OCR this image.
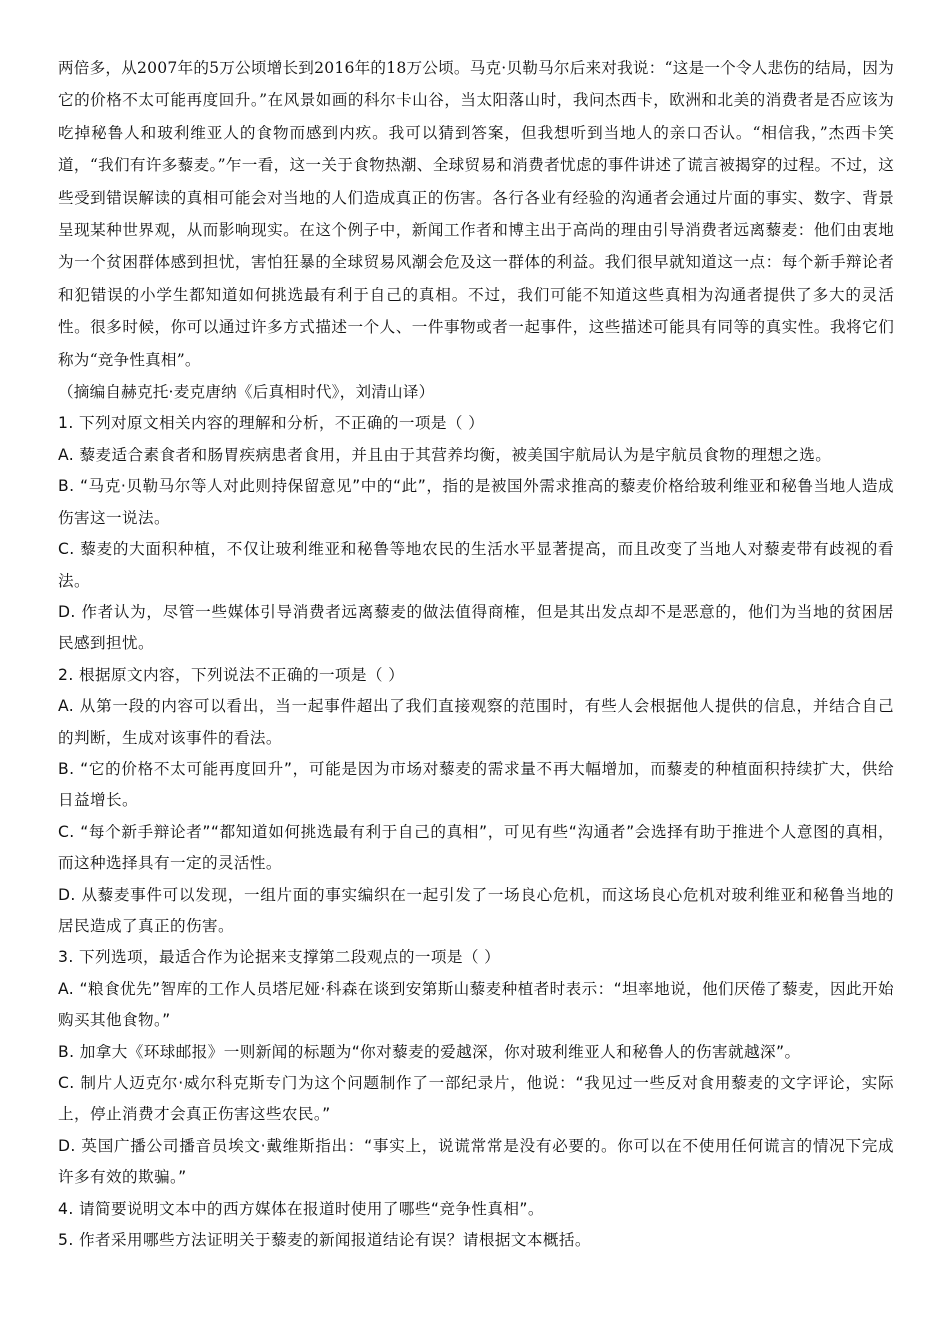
两倍多，从2007年的5万公顷增长到2016年的18万公顷。马克·贝勒马尔后来对我说：“这是一个令人悲伤的结局，因为它的价格不太可能再度回升。”在风景如画的科尔卡山谷，当太阳落山时，我问杰西卡，欧洲和北美的消费者是否应该为吃掉秘鲁人和玻利维亚人的食物而感到内疚。我可以猜到答案，但我想听到当地人的亲口否认。“相信我，”杰西卡笑道，“我们有许多藜麦。”乍一看，这一关于食物热潮、全球贸易和消费者忧虑的事件讲述了谎言被揭穿的过程。不过，这些受到错误解读的真相可能会对当地的人们造成真正的伤害。各行各业有经验的沟通者会通过片面的事实、数字、背景呈现某种世界观，从而影响现实。在这个例子中，新闻工作者和博主出于高尚的理由引导消费者远离藜麦：他们由衷地为一个贫困群体感到担忧，害怕狂暴的全球贸易风潮会危及这一群体的利益。我们很早就知道这一点：每个新手辩论者和犯错误的小学生都知道如何挑选最有利于自己的真相。不过，我们可能不知道这些真相为沟通者提供了多大的灵活性。很多时候，你可以通过许多方式描述一个人、一件事物或者一起事件，这些描述可能具有同等的真实性。我将它们称为“竞争性真相”。

（摘编自赫克托·麦克唐纳《后真相时代》，刘清山译）

1. 下列对原文相关内容的理解和分析，不正确的一项是（ ）

A. 藜麦适合素食者和肠胃疾病患者食用，并且由于其营养均衡，被美国宇航局认为是宇航员食物的理想之选。

B. “马克·贝勒马尔等人对此则持保留意见”中的“此”，指的是被国外需求推高的藜麦价格给玻利维亚和秘鲁当地人造成伤害这一说法。

C. 藜麦的大面积种植，不仅让玻利维亚和秘鲁等地农民的生活水平显著提高，而且改变了当地人对藜麦带有歧视的看法。

D. 作者认为，尽管一些媒体引导消费者远离藜麦的做法值得商榷，但是其出发点却不是恶意的，他们为当地的贫困居民感到担忧。

2. 根据原文内容，下列说法不正确的一项是（ ）

A. 从第一段的内容可以看出，当一起事件超出了我们直接观察的范围时，有些人会根据他人提供的信息，并结合自己的判断，生成对该事件的看法。

B. “它的价格不太可能再度回升”，可能是因为市场对藜麦的需求量不再大幅增加，而藜麦的种植面积持续扩大，供给日益增长。

C. “每个新手辩论者”“都知道如何挑选最有利于自己的真相”，可见有些“沟通者”会选择有助于推进个人意图的真相，而这种选择具有一定的灵活性。

D. 从藜麦事件可以发现，一组片面的事实编织在一起引发了一场良心危机，而这场良心危机对玻利维亚和秘鲁当地的居民造成了真正的伤害。

3. 下列选项，最适合作为论据来支撑第二段观点的一项是（ ）

A. “粮食优先”智库的工作人员塔尼娅·科森在谈到安第斯山藜麦种植者时表示：“坦率地说，他们厌倦了藜麦，因此开始购买其他食物。”

B. 加拿大《环球邮报》一则新闻的标题为“你对藜麦的爱越深，你对玻利维亚人和秘鲁人的伤害就越深”。

C. 制片人迈克尔·威尔科克斯专门为这个问题制作了一部纪录片，他说：“我见过一些反对食用藜麦的文字评论，实际上，停止消费才会真正伤害这些农民。”

D. 英国广播公司播音员埃文·戴维斯指出：“事实上，说谎常常是没有必要的。你可以在不使用任何谎言的情况下完成许多有效的欺骗。”

4. 请简要说明文本中的西方媒体在报道时使用了哪些“竞争性真相”。

5. 作者采用哪些方法证明关于藜麦的新闻报道结论有误？请根据文本概括。
